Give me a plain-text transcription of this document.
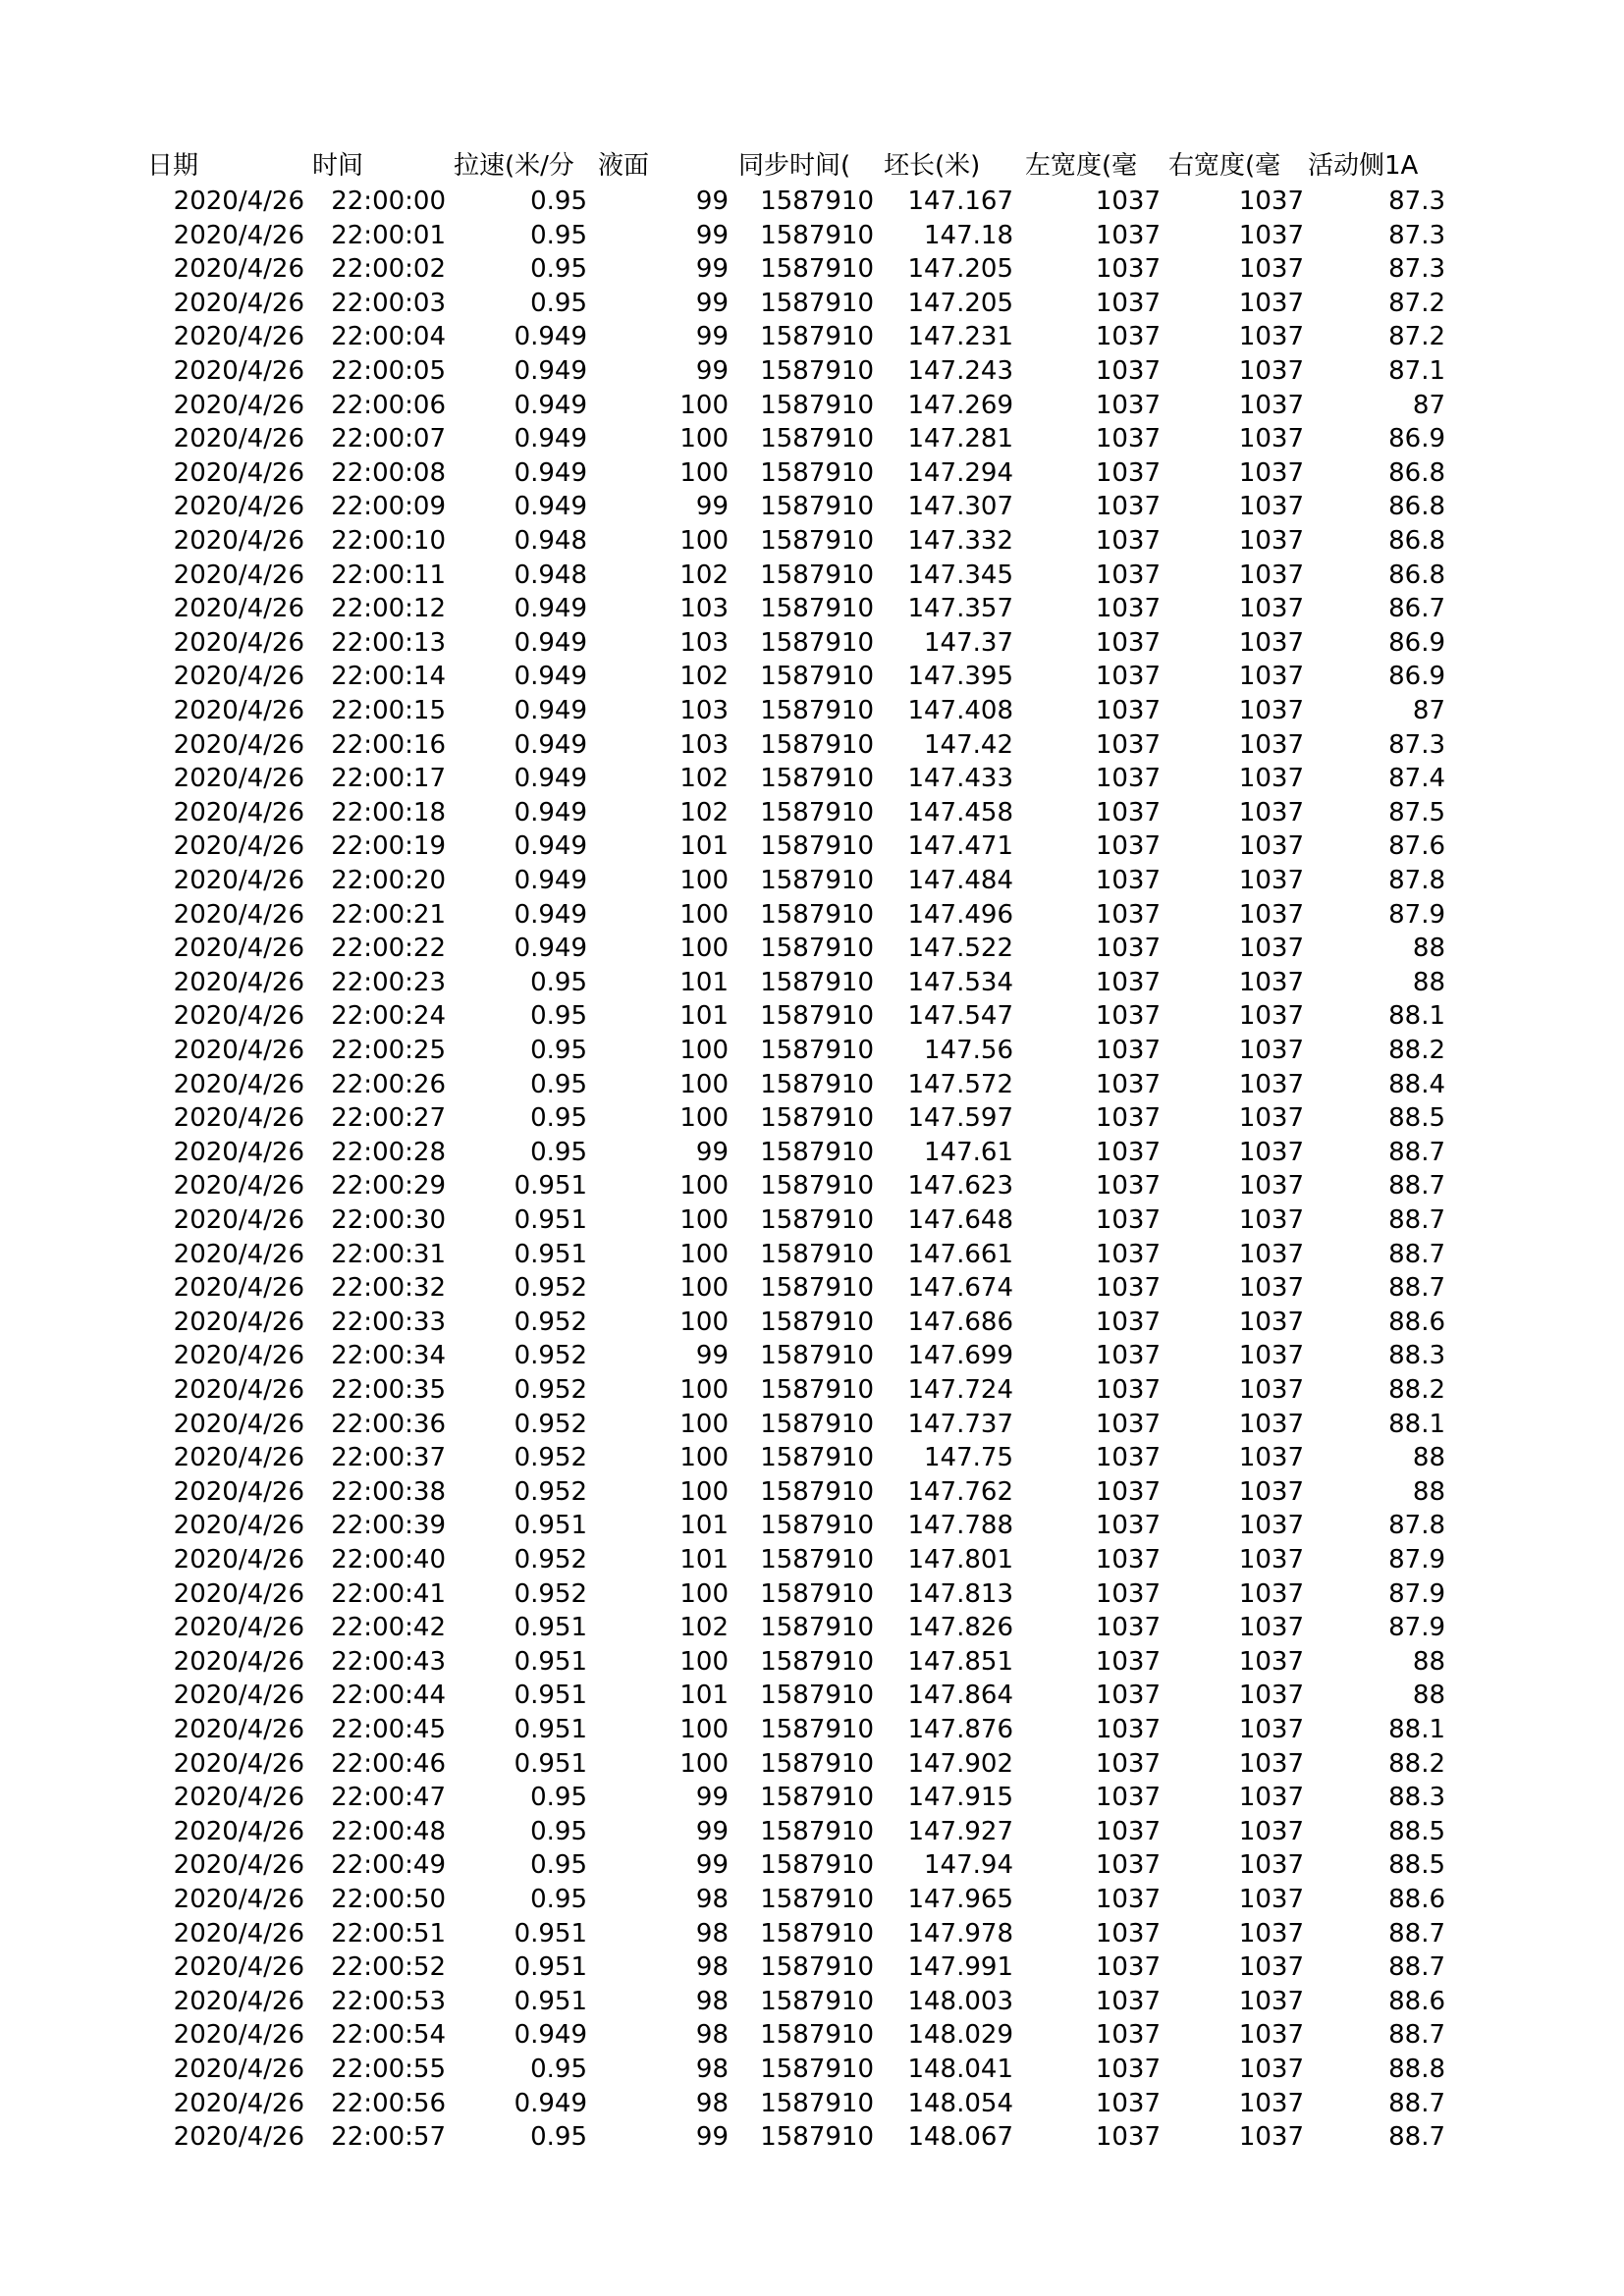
日期	时间	拉速(米/分 液面	同步时间(	坯长(米)	左宽度(毫	右宽度(毫	活动侧1A
2020/4/26	22:00:00	0.95	99	1587910	147.167	1037	1037	87.3
2020/4/26	22:00:01	0.95	99	1587910	147.18	1037	1037	87.3
2020/4/26	22:00:02	0.95	99	1587910	147.205	1037	1037	87.3
2020/4/26	22:00:03	0.95	99	1587910	147.205	1037	1037	87.2
2020/4/26	22:00:04	0.949	99	1587910	147.231	1037	1037	87.2
2020/4/26	22:00:05	0.949	99	1587910	147.243	1037	1037	87.1
2020/4/26	22:00:06	0.949	100	1587910	147.269	1037	1037	87
2020/4/26	22:00:07	0.949	100	1587910	147.281	1037	1037	86.9
2020/4/26	22:00:08	0.949	100	1587910	147.294	1037	1037	86.8
2020/4/26	22:00:09	0.949	99	1587910	147.307	1037	1037	86.8
2020/4/26	22:00:10	0.948	100	1587910	147.332	1037	1037	86.8
2020/4/26	22:00:11	0.948	102	1587910	147.345	1037	1037	86.8
2020/4/26	22:00:12	0.949	103	1587910	147.357	1037	1037	86.7
2020/4/26	22:00:13	0.949	103	1587910	147.37	1037	1037	86.9
2020/4/26	22:00:14	0.949	102	1587910	147.395	1037	1037	86.9
2020/4/26	22:00:15	0.949	103	1587910	147.408	1037	1037	87
2020/4/26	22:00:16	0.949	103	1587910	147.42	1037	1037	87.3
2020/4/26	22:00:17	0.949	102	1587910	147.433	1037	1037	87.4
2020/4/26	22:00:18	0.949	102	1587910	147.458	1037	1037	87.5
2020/4/26	22:00:19	0.949	101	1587910	147.471	1037	1037	87.6
2020/4/26	22:00:20	0.949	100	1587910	147.484	1037	1037	87.8
2020/4/26	22:00:21	0.949	100	1587910	147.496	1037	1037	87.9
2020/4/26	22:00:22	0.949	100	1587910	147.522	1037	1037	88
2020/4/26	22:00:23	0.95	101	1587910	147.534	1037	1037	88
2020/4/26	22:00:24	0.95	101	1587910	147.547	1037	1037	88.1
2020/4/26	22:00:25	0.95	100	1587910	147.56	1037	1037	88.2
2020/4/26	22:00:26	0.95	100	1587910	147.572	1037	1037	88.4
2020/4/26	22:00:27	0.95	100	1587910	147.597	1037	1037	88.5
2020/4/26	22:00:28	0.95	99	1587910	147.61	1037	1037	88.7
2020/4/26	22:00:29	0.951	100	1587910	147.623	1037	1037	88.7
2020/4/26	22:00:30	0.951	100	1587910	147.648	1037	1037	88.7
2020/4/26	22:00:31	0.951	100	1587910	147.661	1037	1037	88.7
2020/4/26	22:00:32	0.952	100	1587910	147.674	1037	1037	88.7
2020/4/26	22:00:33	0.952	100	1587910	147.686	1037	1037	88.6
2020/4/26	22:00:34	0.952	99	1587910	147.699	1037	1037	88.3
2020/4/26	22:00:35	0.952	100	1587910	147.724	1037	1037	88.2
2020/4/26	22:00:36	0.952	100	1587910	147.737	1037	1037	88.1
2020/4/26	22:00:37	0.952	100	1587910	147.75	1037	1037	88
2020/4/26	22:00:38	0.952	100	1587910	147.762	1037	1037	88
2020/4/26	22:00:39	0.951	101	1587910	147.788	1037	1037	87.8
2020/4/26	22:00:40	0.952	101	1587910	147.801	1037	1037	87.9
2020/4/26	22:00:41	0.952	100	1587910	147.813	1037	1037	87.9
2020/4/26	22:00:42	0.951	102	1587910	147.826	1037	1037	87.9
2020/4/26	22:00:43	0.951	100	1587910	147.851	1037	1037	88
2020/4/26	22:00:44	0.951	101	1587910	147.864	1037	1037	88
2020/4/26	22:00:45	0.951	100	1587910	147.876	1037	1037	88.1
2020/4/26	22:00:46	0.951	100	1587910	147.902	1037	1037	88.2
2020/4/26	22:00:47	0.95	99	1587910	147.915	1037	1037	88.3
2020/4/26	22:00:48	0.95	99	1587910	147.927	1037	1037	88.5
2020/4/26	22:00:49	0.95	99	1587910	147.94	1037	1037	88.5
2020/4/26	22:00:50	0.95	98	1587910	147.965	1037	1037	88.6
2020/4/26	22:00:51	0.951	98	1587910	147.978	1037	1037	88.7
2020/4/26	22:00:52	0.951	98	1587910	147.991	1037	1037	88.7
2020/4/26	22:00:53	0.951	98	1587910	148.003	1037	1037	88.6
2020/4/26	22:00:54	0.949	98	1587910	148.029	1037	1037	88.7
2020/4/26	22:00:55	0.95	98	1587910	148.041	1037	1037	88.8
2020/4/26	22:00:56	0.949	98	1587910	148.054	1037	1037	88.7
2020/4/26	22:00:57	0.95	99	1587910	148.067	1037	1037	88.7
